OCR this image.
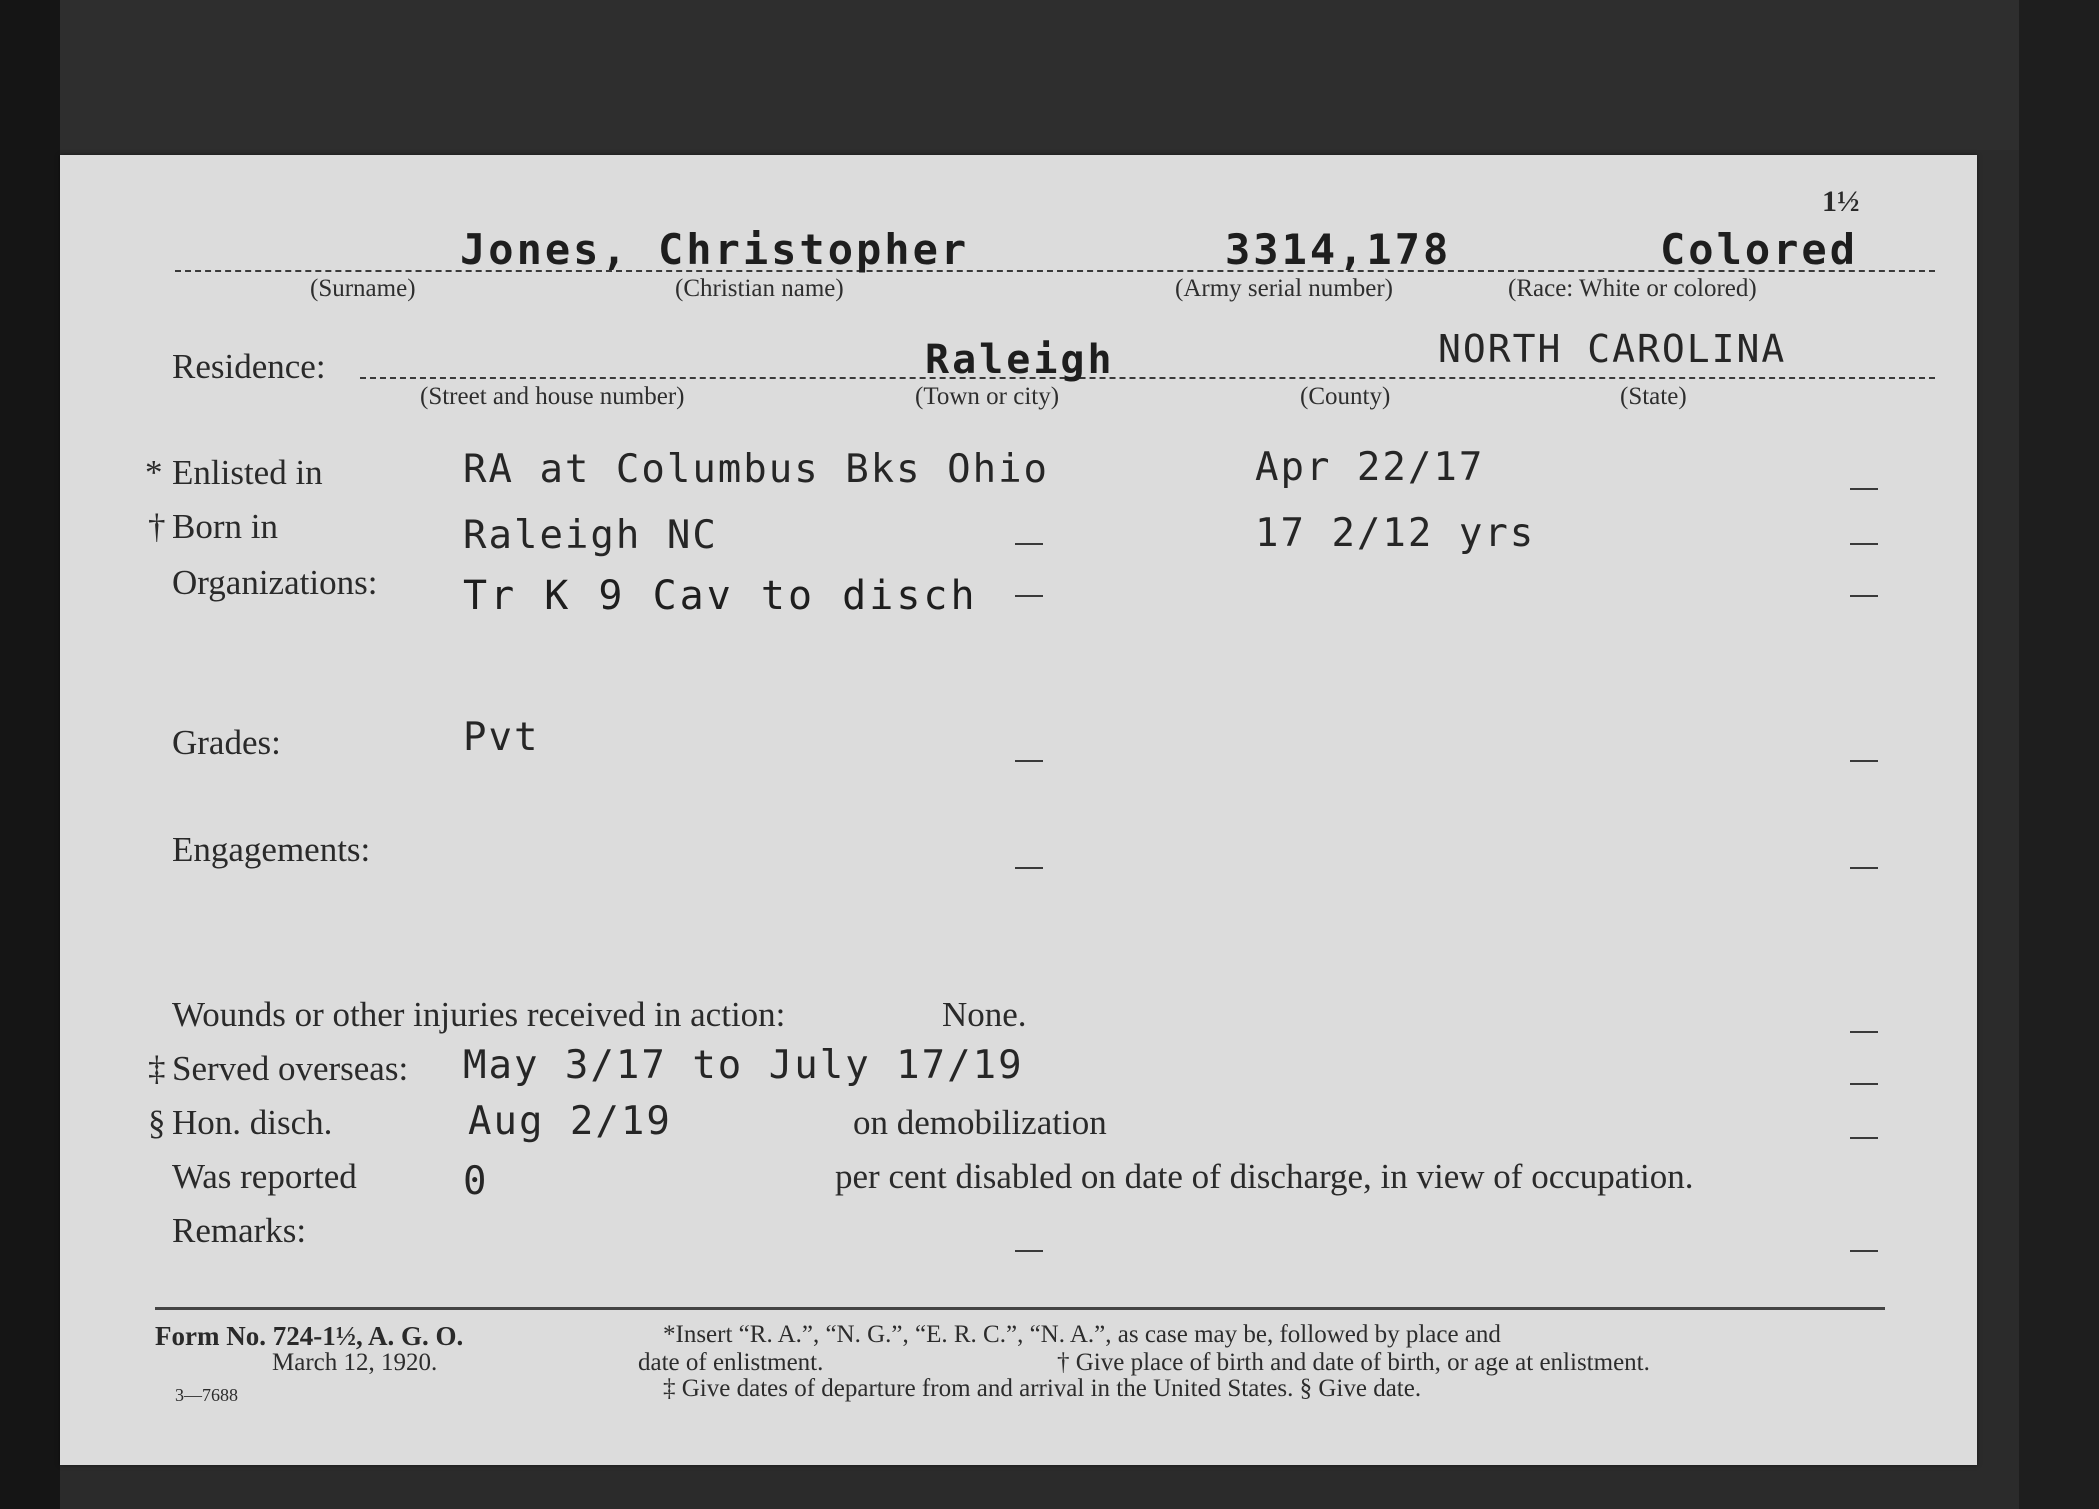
1½
Jones, Christopher	3314,178	Colored
(Surname)	(Christian name)	(Army serial number)	(Race: White or colored)
Residence:	Raleigh	NORTH CAROLINA
(Street and house number)	(Town or city)	(County)	(State)
* Enlisted in	RA at Columbus Bks Ohio	Apr 22/17
† Born in	Raleigh NC	17 2/12 yrs
Organizations: Tr K 9 Cav to disch
Grades:	Pvt
Engagements:
Wounds or other injuries received in action:	None.
‡ Served overseas: May 3/17 to July 17/19
§ Hon. disch.	Aug 2/19	on demobilization
Was reported	0	per cent disabled on date of discharge, in view of occupation.
Remarks:
Form No. 724-1½, A. G. O.
March 12, 1920.
3—7688
*Insert “R. A.”, “N. G.”, “E. R. C.”, “N. A.”, as case may be, followed by place and
date of enlistment.	† Give place of birth and date of birth, or age at enlistment.
‡ Give dates of departure from and arrival in the United States. § Give date.
